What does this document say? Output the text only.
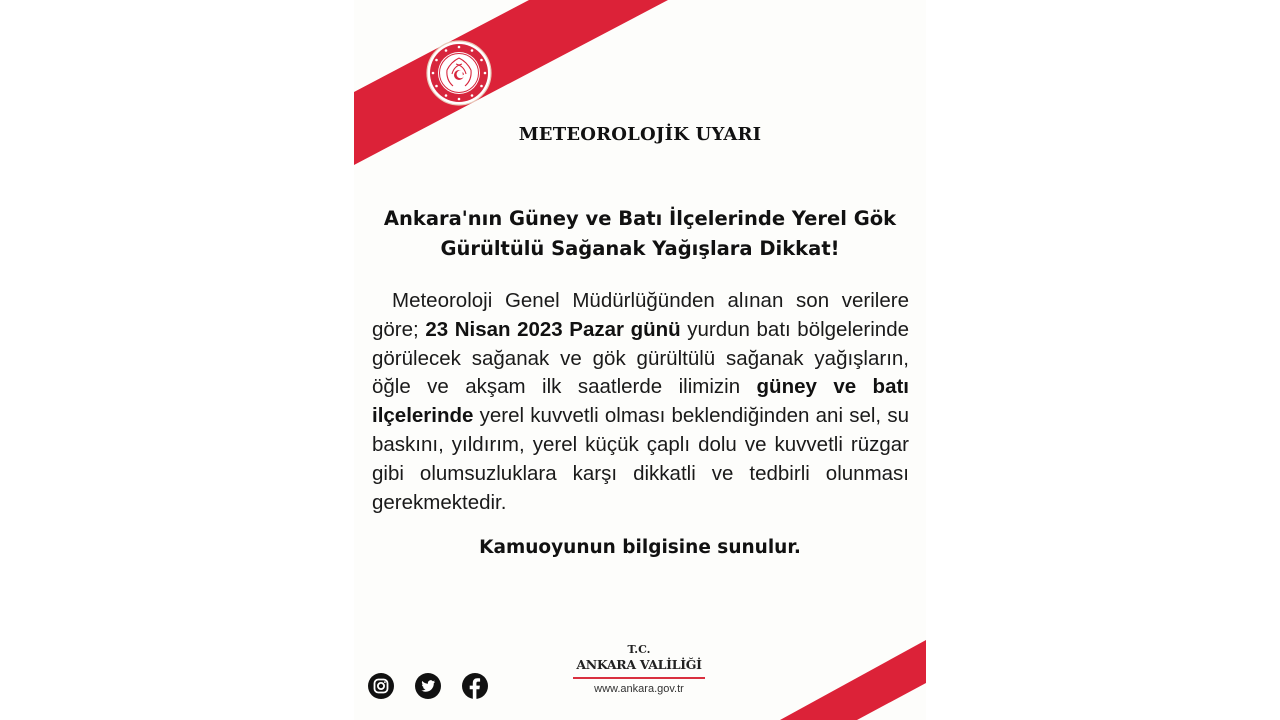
METEOROLOJİK UYARI
Ankara'nın Güney ve Batı İlçelerinde Yerel Gök Gürültülü Sağanak Yağışlara Dikkat!
Meteoroloji Genel Müdürlüğünden alınan son verilere göre; 23 Nisan 2023 Pazar günü yurdun batı bölgelerinde görülecek sağanak ve gök gürültülü sağanak yağışların, öğle ve akşam ilk saatlerde ilimizin güney ve batı ilçelerinde yerel kuvvetli olması beklendiğinden ani sel, su baskını, yıldırım, yerel küçük çaplı dolu ve kuvvetli rüzgar gibi olumsuzluklara karşı dikkatli ve tedbirli olunması gerekmektedir.
Kamuoyunun bilgisine sunulur.
T.C.
ANKARA VALİLİĞİ
www.ankara.gov.tr
